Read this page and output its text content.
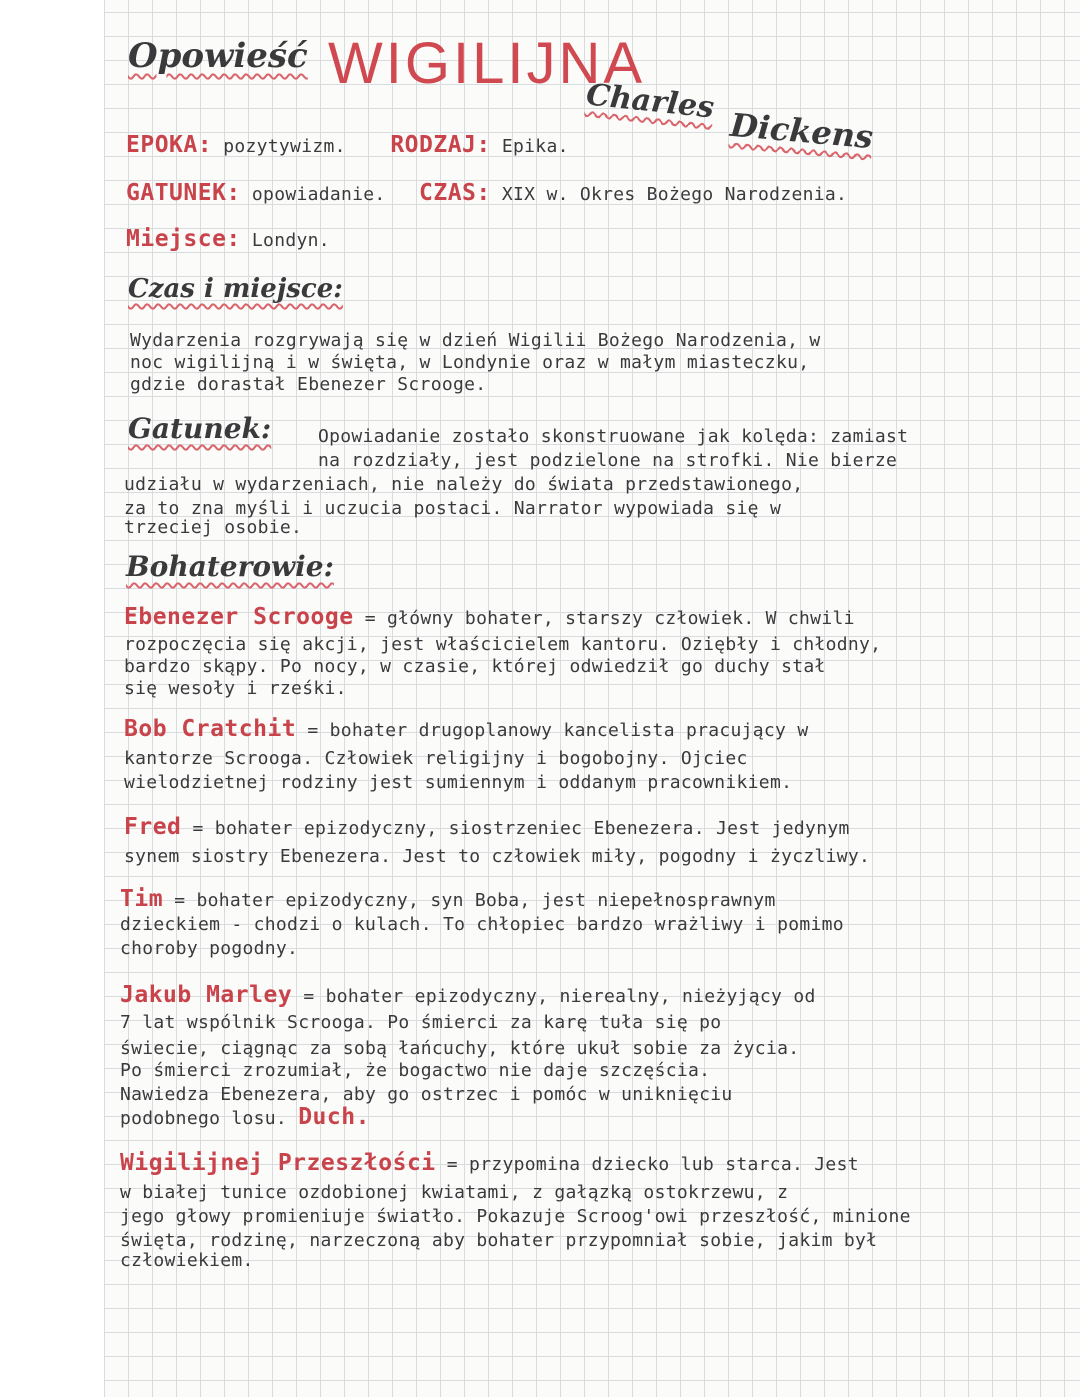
Opowieść WIGILIJNA
Charles
Dickens
EPOKA: pozytywizm. RODZAJ: Epika.
GATUNEK: opowiadanie. CZAS: XIX w. Okres Bożego Narodzenia.
Miejsce: Londyn.
Czas i miejsce:
Wydarzenia rozgrywają się w dzień Wigilii Bożego Narodzenia, w
noc wigilijną i w święta, w Londynie oraz w małym miasteczku,
gdzie dorastał Ebenezer Scrooge.
Gatunek:	Opowiadanie zostało skonstruowane jak kolęda: zamiast
na rozdziały, jest podzielone na strofki. Nie bierze
udziału w wydarzeniach, nie należy do świata przedstawionego,
za to zna myśli i uczucia postaci. Narrator wypowiada się w
trzeciej osobie.
Bohaterowie:
Ebenezer Scrooge = główny bohater, starszy człowiek. W chwili
rozpoczęcia się akcji, jest właścicielem kantoru. Oziębły i chłodny,
bardzo skąpy. Po nocy, w czasie, której odwiedził go duchy stał
się wesoły i rześki.
Bob Cratchit = bohater drugoplanowy kancelista pracujący w
kantorze Scrooga. Człowiek religijny i bogobojny. Ojciec
wielodzietnej rodziny jest sumiennym i oddanym pracownikiem.
Fred = bohater epizodyczny, siostrzeniec Ebenezera. Jest jedynym
synem siostry Ebenezera. Jest to człowiek miły, pogodny i życzliwy.
Tim = bohater epizodyczny, syn Boba, jest niepełnosprawnym
dzieckiem - chodzi o kulach. To chłopiec bardzo wrażliwy i pomimo
choroby pogodny.
Jakub Marley = bohater epizodyczny, nierealny, nieżyjący od
7 lat wspólnik Scrooga. Po śmierci za karę tuła się po
świecie, ciągnąc za sobą łańcuchy, które ukuł sobie za życia.
Po śmierci zrozumiał, że bogactwo nie daje szczęścia.
Nawiedza Ebenezera, aby go ostrzec i pomóc w uniknięciu
podobnego losu. Duch.
Wigilijnej Przeszłości = przypomina dziecko lub starca. Jest
w białej tunice ozdobionej kwiatami, z gałązką ostokrzewu, z
jego głowy promieniuje światło. Pokazuje Scroog'owi przeszłość, minione
święta, rodzinę, narzeczoną aby bohater przypomniał sobie, jakim był
człowiekiem.
